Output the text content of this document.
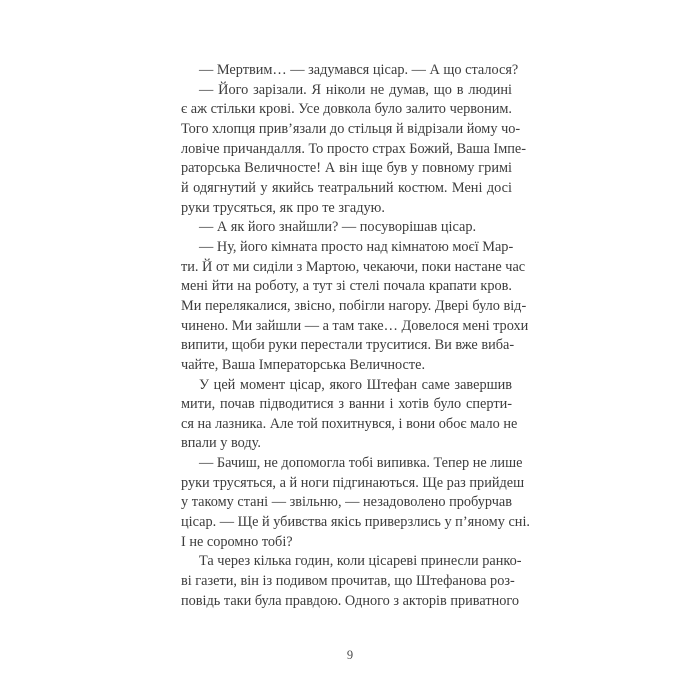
— Мертвим… — задумався цісар. — А що сталося?
— Його зарізали. Я ніколи не думав, що в людині
є аж стільки крові. Усе довкола було залито червоним.
Того хлопця прив’язали до стільця й відрізали йому чо-
ловіче причандалля. То просто страх Божий, Ваша Імпе-
раторська Величносте! А він іще був у повному гримі
й одягнутий у якийсь театральний костюм. Мені досі
руки трусяться, як про те згадую.
— А як його знайшли? — посуворішав цісар.
— Ну, його кімната просто над кімнатою моєї Мар-
ти. Й от ми сиділи з Мартою, чекаючи, поки настане час
мені йти на роботу, а тут зі стелі почала крапати кров.
Ми перелякалися, звісно, побігли нагору. Двері було від-
чинено. Ми зайшли — а там таке… Довелося мені трохи
випити, щоби руки перестали труситися. Ви вже виба-
чайте, Ваша Імператорська Величносте.
У цей момент цісар, якого Штефан саме завершив
мити, почав підводитися з ванни і хотів було сперти-
ся на лазника. Але той похитнувся, і вони обоє мало не
впали у воду.
— Бачиш, не допомогла тобі випивка. Тепер не лише
руки трусяться, а й ноги підгинаються. Ще раз прийдеш
у такому стані — звільню, — незадоволено пробурчав
цісар. — Ще й убивства якісь приверзлись у п’яному сні.
І не соромно тобі?
Та через кілька годин, коли цісареві принесли ранко-
ві газети, він із подивом прочитав, що Штефанова роз-
повідь таки була правдою. Одного з акторів приватного
9
